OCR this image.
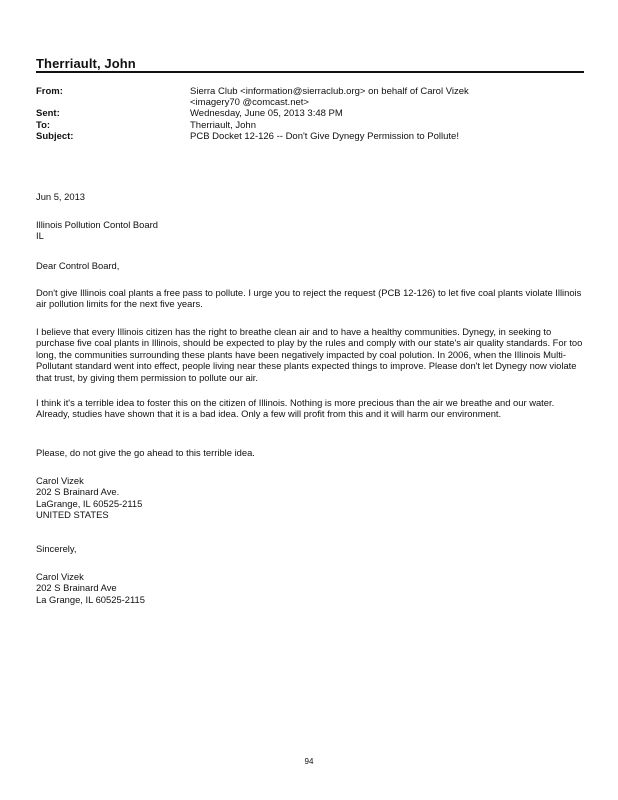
Therriault, John
From:	Sierra Club <information@sierraclub.org> on behalf of Carol Vizek <imagery70 @comcast.net>
Sent:	Wednesday, June 05, 2013 3:48 PM
To:	Therriault, John
Subject:	PCB Docket 12-126 -- Don't Give Dynegy Permission to Pollute!
Jun 5, 2013

Illinois Pollution Contol Board

IL

Dear Control Board,
Don't give Illinois coal plants a free pass to pollute. I urge you to reject the request (PCB 12-126) to let five coal plants violate Illinois air pollution limits for the next five years.
I believe that every Illinois citizen has the right to breathe clean air and to have a healthy communities. Dynegy, in seeking to purchase five coal plants in Illinois, should be expected to play by the rules and comply with our state's air quality standards. For too long, the communities surrounding these plants have been negatively impacted by coal polution. In 2006, when the Illinois Multi-Pollutant standard went into effect, people living near these plants expected things to improve. Please don't let Dynegy now violate that trust, by giving them permission to pollute our air.
I think it's a terrible idea to foster this on the citizen of Illinois. Nothing is more precious than the air we breathe and our water. Already, studies have shown that it is a bad idea. Only a few will profit from this and it will harm our environment.
Please, do not give the go ahead to this terrible idea.

Carol Vizek

202 S Brainard Ave.

LaGrange, IL 60525-2115

UNITED STATES

Sincerely,

Carol Vizek

202 S Brainard Ave

La Grange, IL 60525-2115

94
